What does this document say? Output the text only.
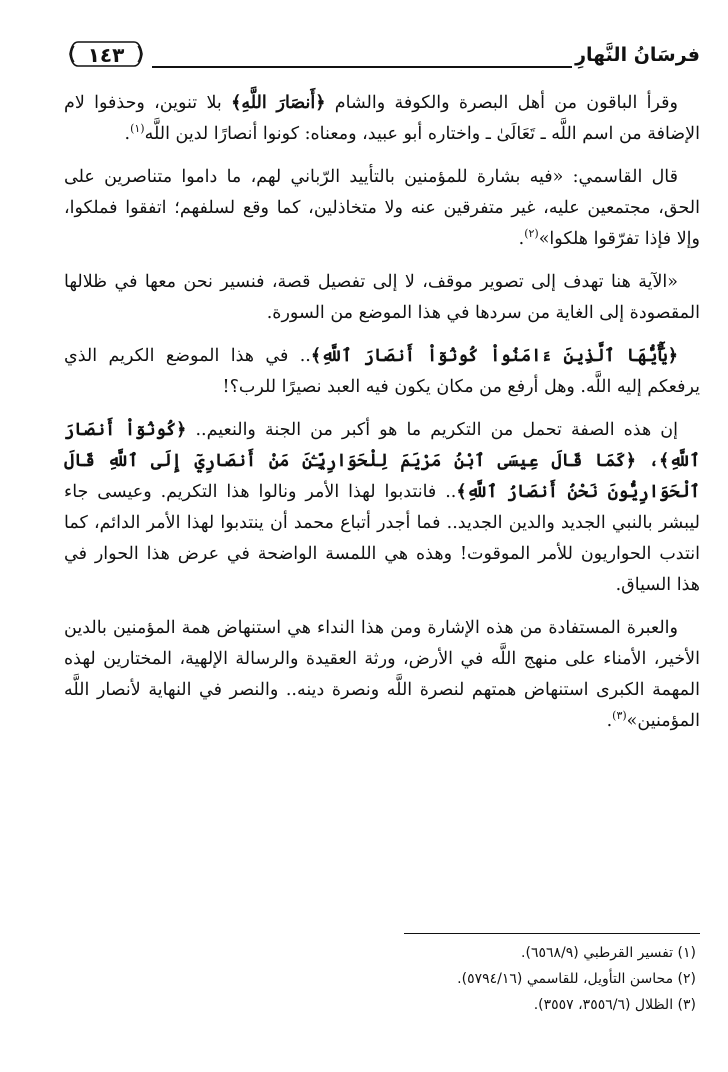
١٤٣	فرسَانُ النَّهارِ

وقرأ الباقون من أهل البصرة والكوفة والشام ﴿أَنصَارَ اللَّهِ﴾ بلا تنوين، وحذفوا لام الإضافة من اسم اللَّه ـ تَعَالَىٰ ـ واختاره أبو عبيد، ومعناه: كونوا أنصارًا لدين اللَّه$^{(١)}$.

قال القاسمي: «فيه بشارة للمؤمنين بالتأييد الرّباني لهم، ما داموا متناصرين على الحق، مجتمعين عليه، غير متفرقين عنه ولا متخاذلين، كما وقع لسلفهم؛ اتفقوا فملكوا، وإلا فإذا تفرّقوا هلكوا»$^{(٢)}$.

«الآية هنا تهدف إلى تصوير موقف، لا إلى تفصيل قصة، فنسير نحن معها في ظلالها المقصودة إلى الغاية من سردها في هذا الموضع من السورة.

﴿يَٰٓأَيُّهَا ٱلَّذِينَ ءَامَنُواْ كُونُوٓاْ أَنصَارَ ٱللَّهِ﴾.. في هذا الموضع الكريم الذي يرفعكم إليه اللَّه. وهل أرفع من مكان يكون فيه العبد نصيرًا للرب؟!

إن هذه الصفة تحمل من التكريم ما هو أكبر من الجنة والنعيم.. ﴿كُونُوٓاْ أَنصَارَ ٱللَّهِ﴾، ﴿كَمَا قَالَ عِيسَى ٱبْنُ مَرْيَمَ لِلْحَوَارِيِّـۧنَ مَنْ أَنصَارِيٓ إِلَى ٱللَّهِ قَالَ ٱلْحَوَارِيُّونَ نَحْنُ أَنصَارُ ٱللَّهِ﴾.. فانتدبوا لهذا الأمر ونالوا هذا التكريم. وعيسى جاء ليبشر بالنبي الجديد والدين الجديد.. فما أجدر أتباع محمد أن ينتدبوا لهذا الأمر الدائم، كما انتدب الحواريون للأمر الموقوت! وهذه هي اللمسة الواضحة في عرض هذا الحوار في هذا السياق.

والعبرة المستفادة من هذه الإشارة ومن هذا النداء هي استنهاض همة المؤمنين بالدين الأخير، الأمناء على منهج اللَّه في الأرض، ورثة العقيدة والرسالة الإلهية، المختارين لهذه المهمة الكبرى استنهاض همتهم لنصرة اللَّه ونصرة دينه.. والنصر في النهاية لأنصار اللَّه المؤمنين»$^{(٣)}$.

(١) تفسير القرطبي (٦٥٦٨/٩).
(٢) محاسن التأويل، للقاسمي (٥٧٩٤/١٦).
(٣) الظلال (٣٥٥٦/٦، ٣٥٥٧).
